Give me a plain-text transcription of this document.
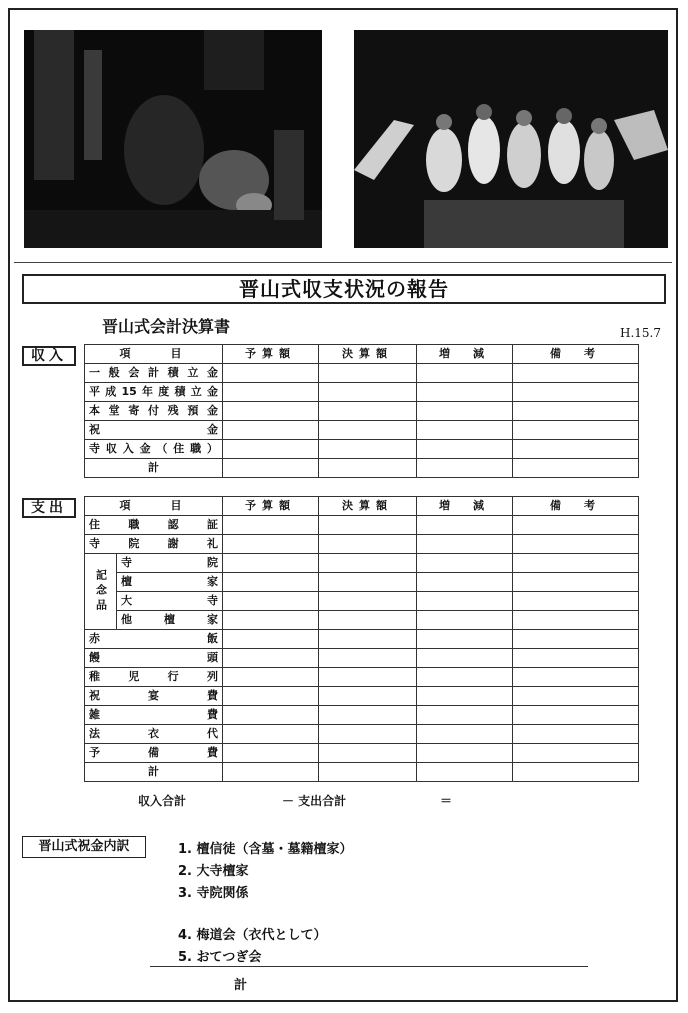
晋山式収支状況の報告
晋山式会計決算書	H.15.7
収入	項　　目	予算額	決算額	増　減	備　考
一般会計積立金				
平成15年度積立金				
本堂寄付残預金				
祝　　　金				
寺収入金（住職）				
計				
支出	項　　目		予算額	決算額	増　減	備　考
住職認証					
寺院謝礼					
記念品	寺院				
	檀家				
	大寺				
	他檀家				
赤飯					
饅頭					
稚児行列					
祝宴費					
雑費					
法衣代					
予備費					
計					
収入合計	－ 支出合計	＝
晋山式祝金内訳	1. 檀信徒（含墓・墓籍檀家）
2. 大寺檀家
3. 寺院関係
4. 梅道会（衣代として）
5. おてつぎ会
計
